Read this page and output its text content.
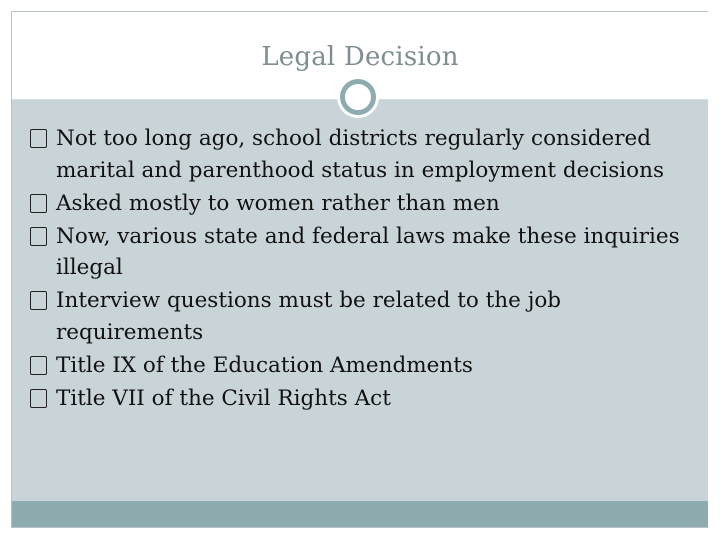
Legal Decision
Not too long ago, school districts regularly considered marital and parenthood status in employment decisions
Asked mostly to women rather than men
Now, various state and federal laws make these inquiries illegal
Interview questions must be related to the job requirements
Title IX of the Education Amendments
Title VII of the Civil Rights Act
